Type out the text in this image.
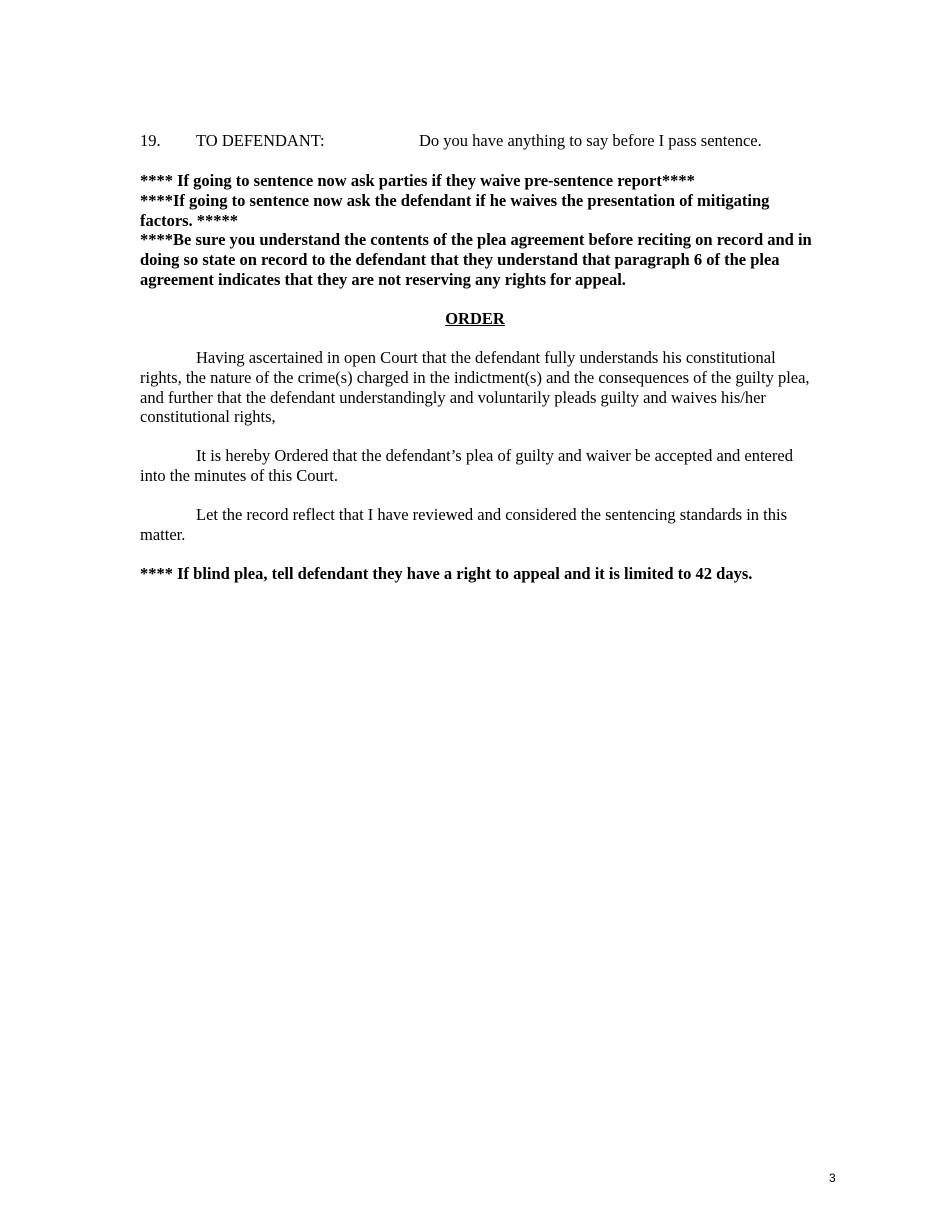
19. TO DEFENDANT:	Do you have anything to say before I pass sentence.

**** If going to sentence now ask parties if they waive pre-sentence report****

****If going to sentence now ask the defendant if he waives the presentation of mitigating factors. *****

****Be sure you understand the contents of the plea agreement before reciting on record and in doing so state on record to the defendant that they understand that paragraph 6 of the plea agreement indicates that they are not reserving any rights for appeal.

ORDER

Having ascertained in open Court that the defendant fully understands his constitutional rights, the nature of the crime(s) charged in the indictment(s) and the consequences of the guilty plea, and further that the defendant understandingly and voluntarily pleads guilty and waives his/her constitutional rights,

It is hereby Ordered that the defendant’s plea of guilty and waiver be accepted and entered into the minutes of this Court.

Let the record reflect that I have reviewed and considered the sentencing standards in this matter.

**** If blind plea, tell defendant they have a right to appeal and it is limited to 42 days.
3
